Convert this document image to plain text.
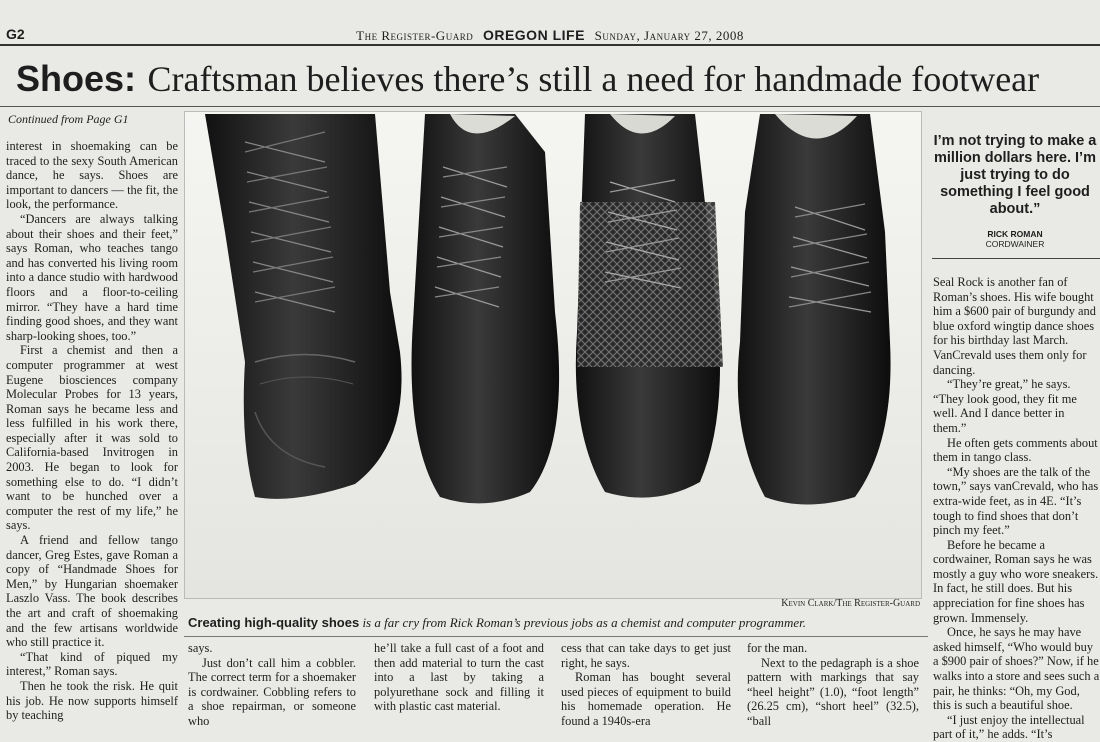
G2	The Register-Guard OREGON LIFE Sunday, January 27, 2008
Shoes: Craftsman believes there’s still a need for handmade footwear
Continued from Page G1

interest in shoemaking can be traced to the sexy South American dance, he says. Shoes are important to dancers — the fit, the look, the performance.

“Dancers are always talking about their shoes and their feet,” says Roman, who teaches tango and has converted his living room into a dance studio with hardwood floors and a floor-to-ceiling mirror. “They have a hard time finding good shoes, and they want sharp-looking shoes, too.”

First a chemist and then a computer programmer at west Eugene biosciences company Molecular Probes for 13 years, Roman says he became less and less fulfilled in his work there, especially after it was sold to California-based Invitrogen in 2003. He began to look for something else to do. “I didn’t want to be hunched over a computer the rest of my life,” he says.

A friend and fellow tango dancer, Greg Estes, gave Roman a copy of “Handmade Shoes for Men,” by Hungarian shoemaker Laszlo Vass. The book describes the art and craft of shoemaking and the few artisans worldwide who still practice it.

“That kind of piqued my interest,” Roman says.

Then he took the risk. He quit his job. He now supports himself by teaching

Kevin Clark/The Register-Guard
Creating high-quality shoes is a far cry from Rick Roman’s previous jobs as a chemist and computer programmer.

says.

Just don’t call him a cobbler. The correct term for a shoemaker is cordwainer. Cobbling refers to a shoe repairman, or someone who

he’ll take a full cast of a foot and then add material to turn the cast into a last by taking a polyurethane sock and filling it with plastic cast material.

cess that can take days to get just right, he says.

Roman has bought several used pieces of equipment to build his homemade operation. He found a 1940s-era

for the man.

Next to the pedagraph is a shoe pattern with markings that say “heel height” (1.0), “foot length” (26.25 cm), “short heel” (32.5), “ball

I’m not trying to make a million dollars here. I’m just trying to do something I feel good about.”
RICK ROMAN
CORDWAINER

Seal Rock is another fan of Roman’s shoes. His wife bought him a $600 pair of burgundy and blue oxford wingtip dance shoes for his birthday last March. VanCrevald uses them only for dancing.

“They’re great,” he says. “They look good, they fit me well. And I dance better in them.”

He often gets comments about them in tango class.

“My shoes are the talk of the town,” says vanCrevald, who has extra-wide feet, as in 4E. “It’s tough to find shoes that don’t pinch my feet.”

Before he became a cordwainer, Roman says he was mostly a guy who wore sneakers. In fact, he still does. But his appreciation for fine shoes has grown. Immensely.

Once, he says he may have asked himself, “Who would buy a $900 pair of shoes?” Now, if he walks into a store and sees such a pair, he thinks: “Oh, my God, this is such a beautiful shoe.

“I just enjoy the intellectual part of it,” he adds. “It’s
